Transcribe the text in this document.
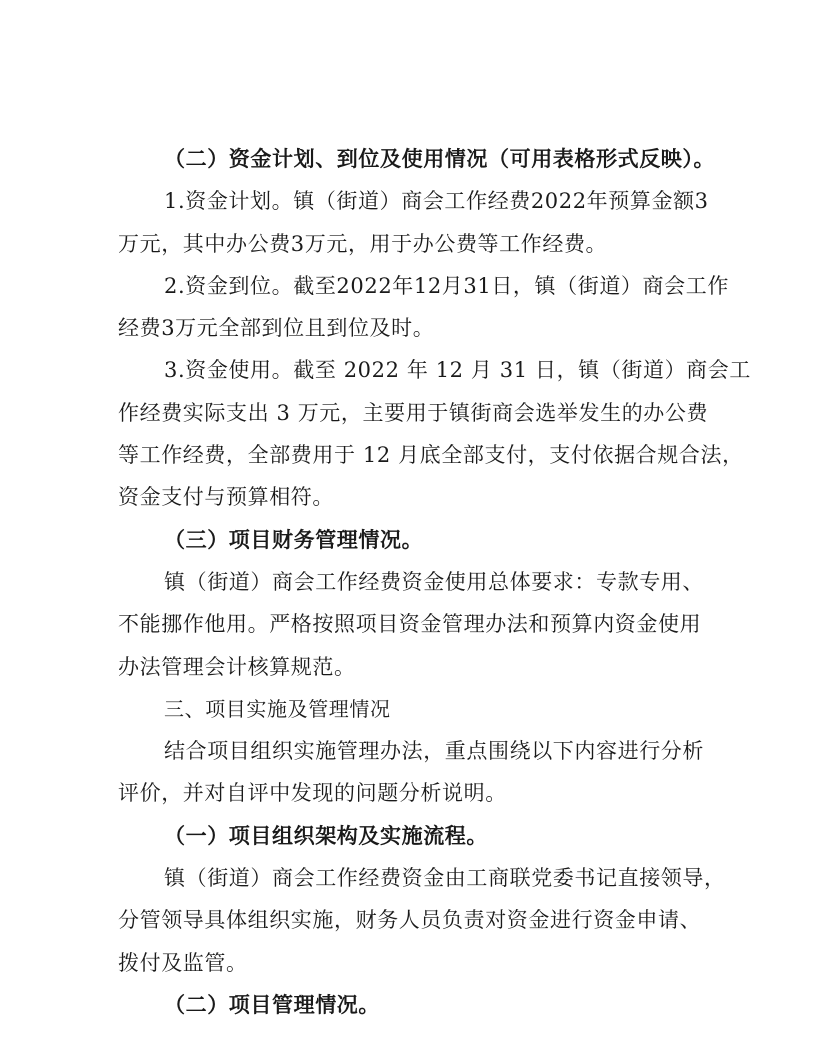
（二）资金计划、到位及使用情况（可用表格形式反映）。
1.资金计划。镇（街道）商会工作经费2022年预算金额3
万元，其中办公费3万元，用于办公费等工作经费。
2.资金到位。截至2022年12月31日，镇（街道）商会工作
经费3万元全部到位且到位及时。
3.资金使用。截至 2022 年 12 月 31 日，镇（街道）商会工
作经费实际支出 3 万元，主要用于镇街商会选举发生的办公费
等工作经费，全部费用于 12 月底全部支付，支付依据合规合法，
资金支付与预算相符。
（三）项目财务管理情况。
镇（街道）商会工作经费资金使用总体要求：专款专用、
不能挪作他用。严格按照项目资金管理办法和预算内资金使用
办法管理会计核算规范。
三、项目实施及管理情况
结合项目组织实施管理办法，重点围绕以下内容进行分析
评价，并对自评中发现的问题分析说明。
（一）项目组织架构及实施流程。
镇（街道）商会工作经费资金由工商联党委书记直接领导，
分管领导具体组织实施，财务人员负责对资金进行资金申请、
拨付及监管。
（二）项目管理情况。
